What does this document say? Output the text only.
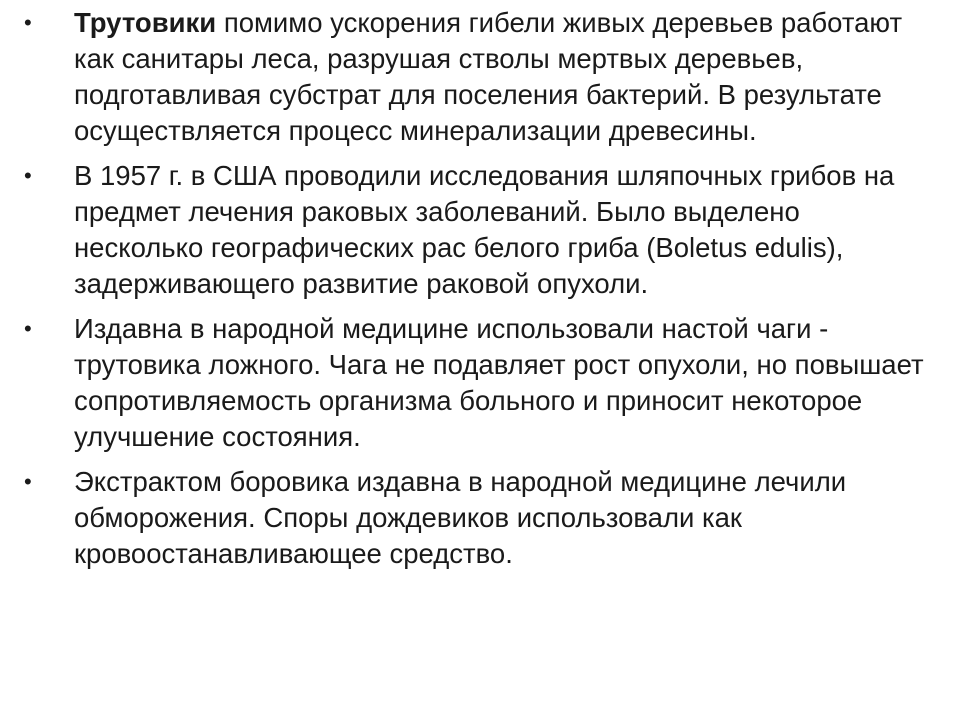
•	Трутовики помимо ускорения гибели живых деревьев работают как санитары леса, разрушая стволы мертвых деревьев, подготавливая субстрат для поселения бактерий. В результате осуществляется процесс минерализации древесины.

•	В 1957 г. в США проводили исследования шляпочных грибов на предмет лечения раковых заболеваний. Было выделено несколько географических рас белого гриба (Boletus edulis), задерживающего развитие раковой опухоли.

•	Издавна в народной медицине использовали настой чаги - трутовика ложного. Чага не подавляет рост опухоли, но повышает сопротивляемость организма больного и приносит некоторое улучшение состояния.

•	Экстрактом боровика издавна в народной медицине лечили обморожения. Споры дождевиков использовали как кровоостанавливающее средство.
